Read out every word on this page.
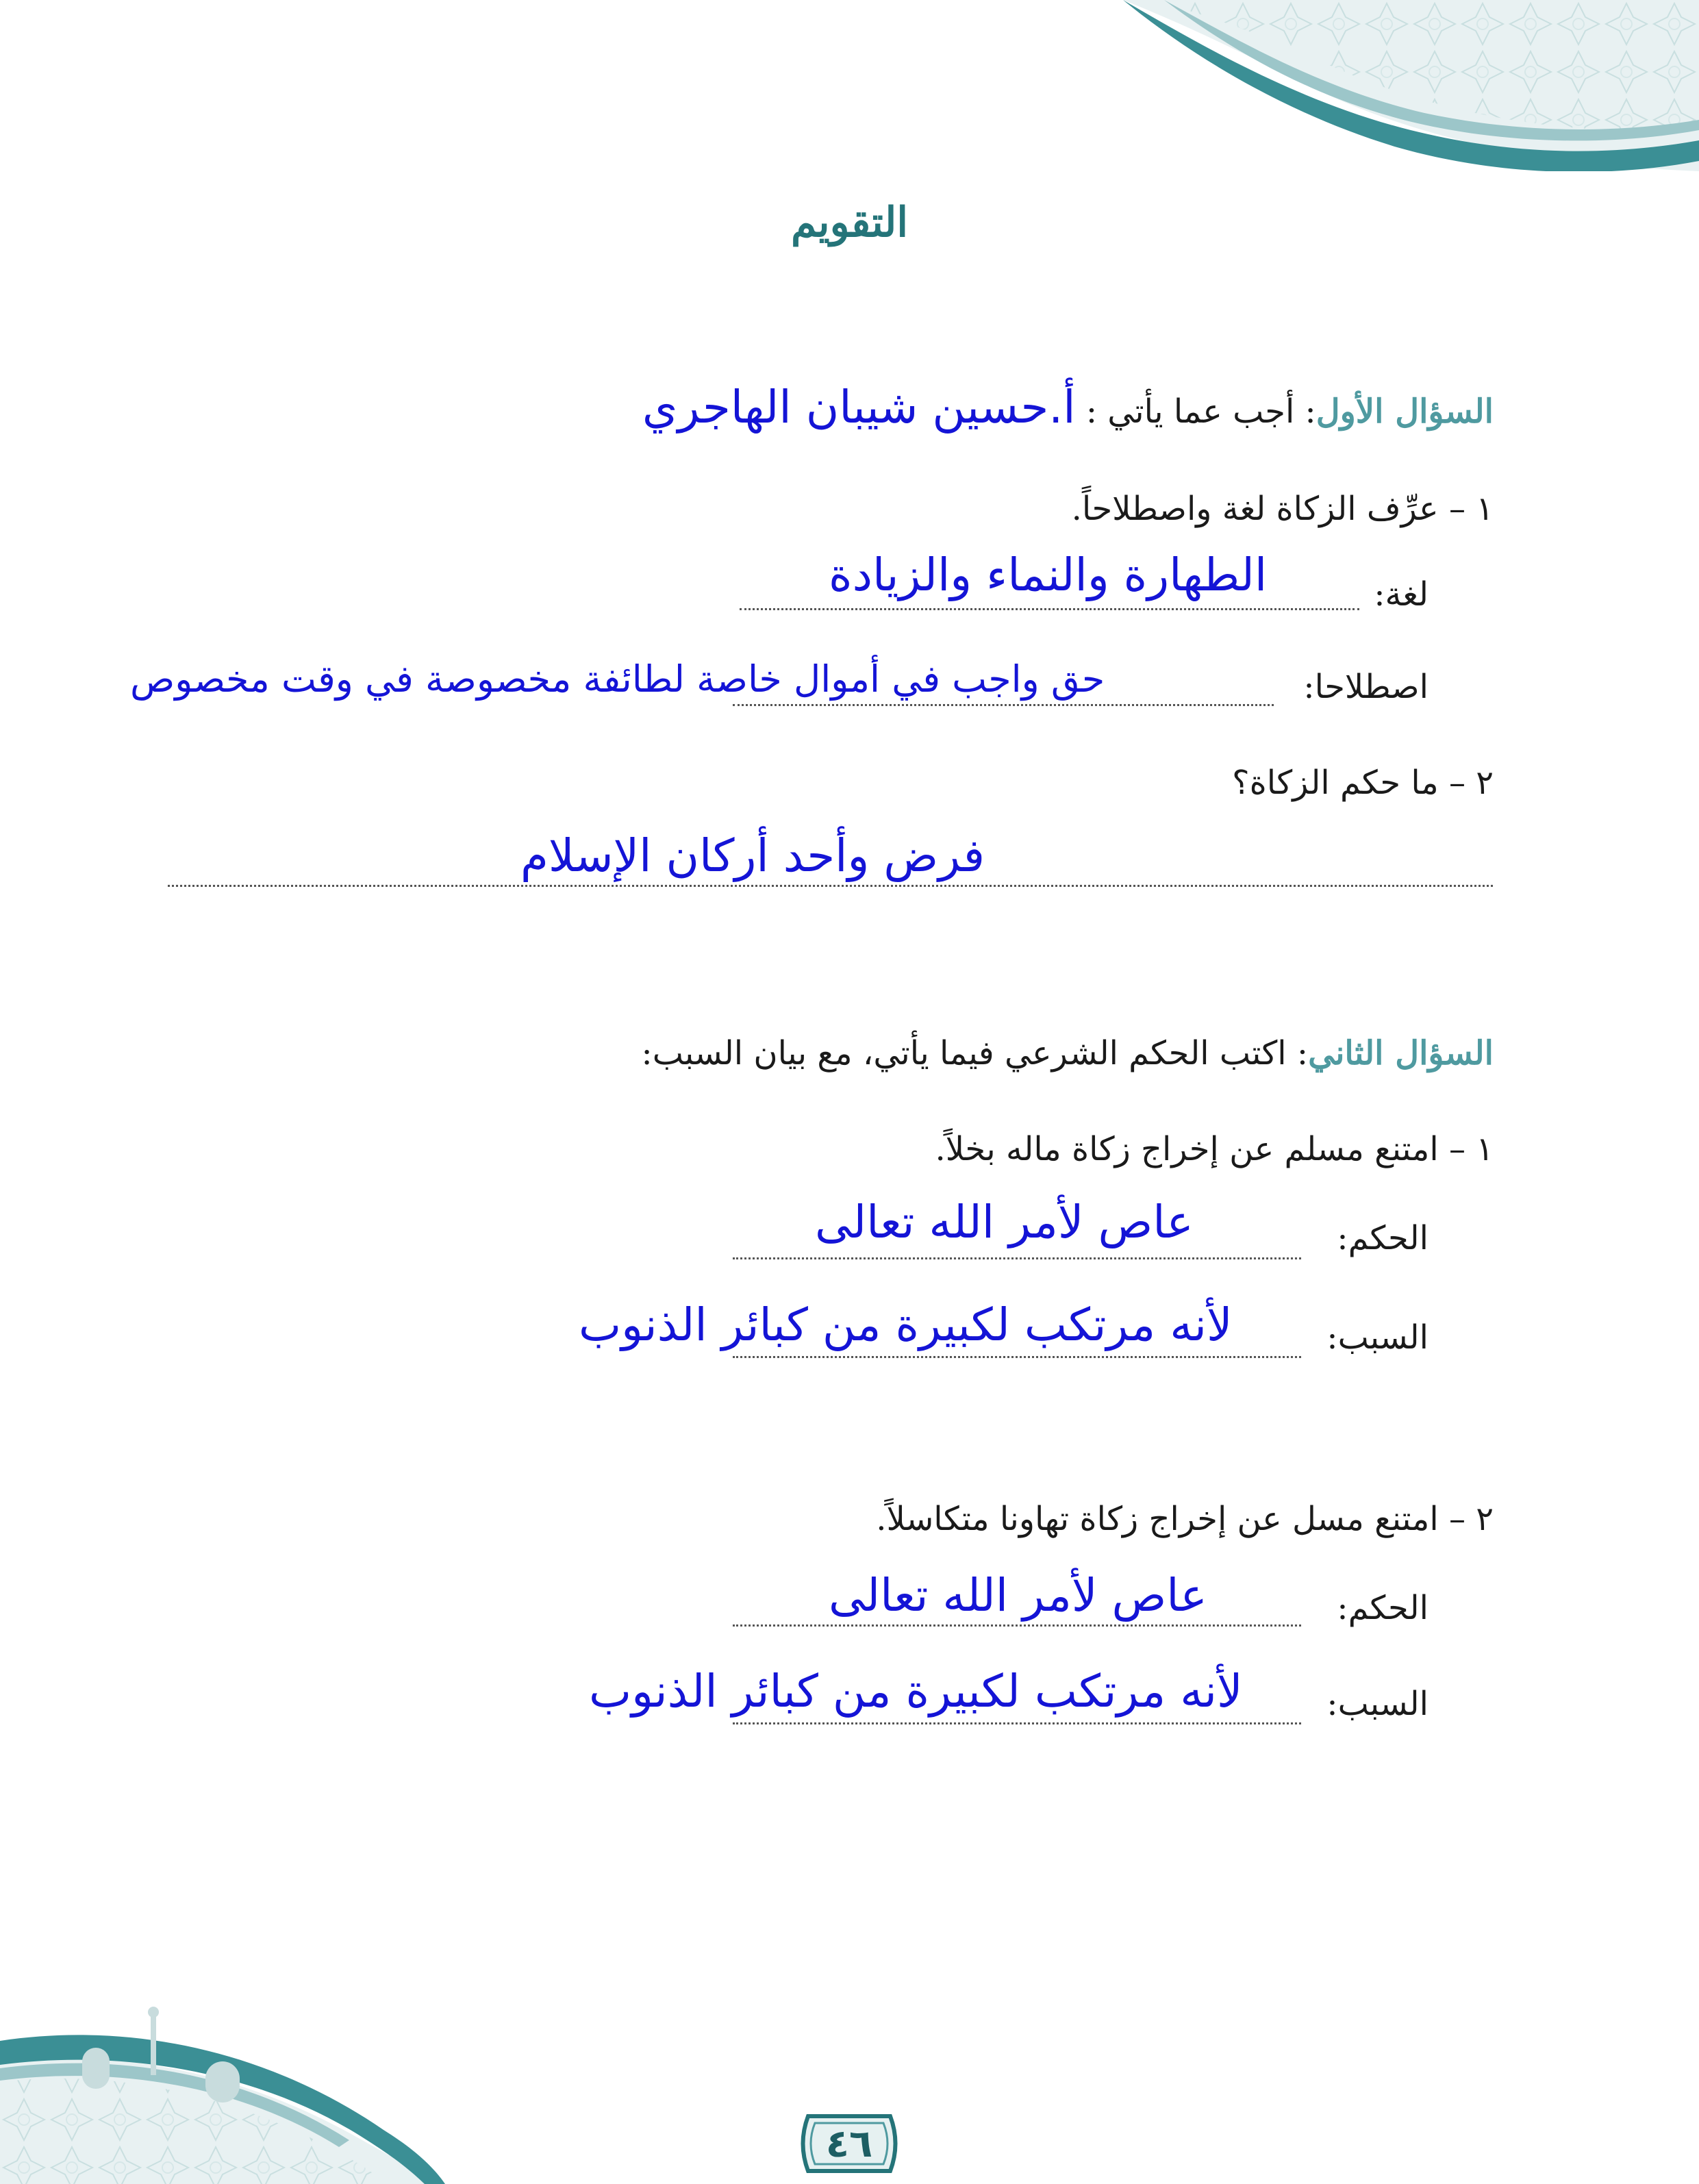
التقويم
السؤال الأول: أجب عما يأتي : أ.حسين شيبان الهاجري
١ – عرِّف الزكاة لغة واصطلاحاً.
لغة:
الطهارة والنماء والزيادة
اصطلاحا:
حق واجب في أموال خاصة لطائفة مخصوصة في وقت مخصوص
٢ – ما حكم الزكاة؟
فرض وأحد أركان الإسلام
السؤال الثاني: اكتب الحكم الشرعي فيما يأتي، مع بيان السبب:
١ – امتنع مسلم عن إخراج زكاة ماله بخلاً.
الحكم:
عاص لأمر الله تعالى
السبب:
لأنه مرتكب لكبيرة من كبائر الذنوب
٢ – امتنع مسل عن إخراج زكاة تهاونا متكاسلاً.
الحكم:
عاص لأمر الله تعالى
السبب:
لأنه مرتكب لكبيرة من كبائر الذنوب
٤٦
